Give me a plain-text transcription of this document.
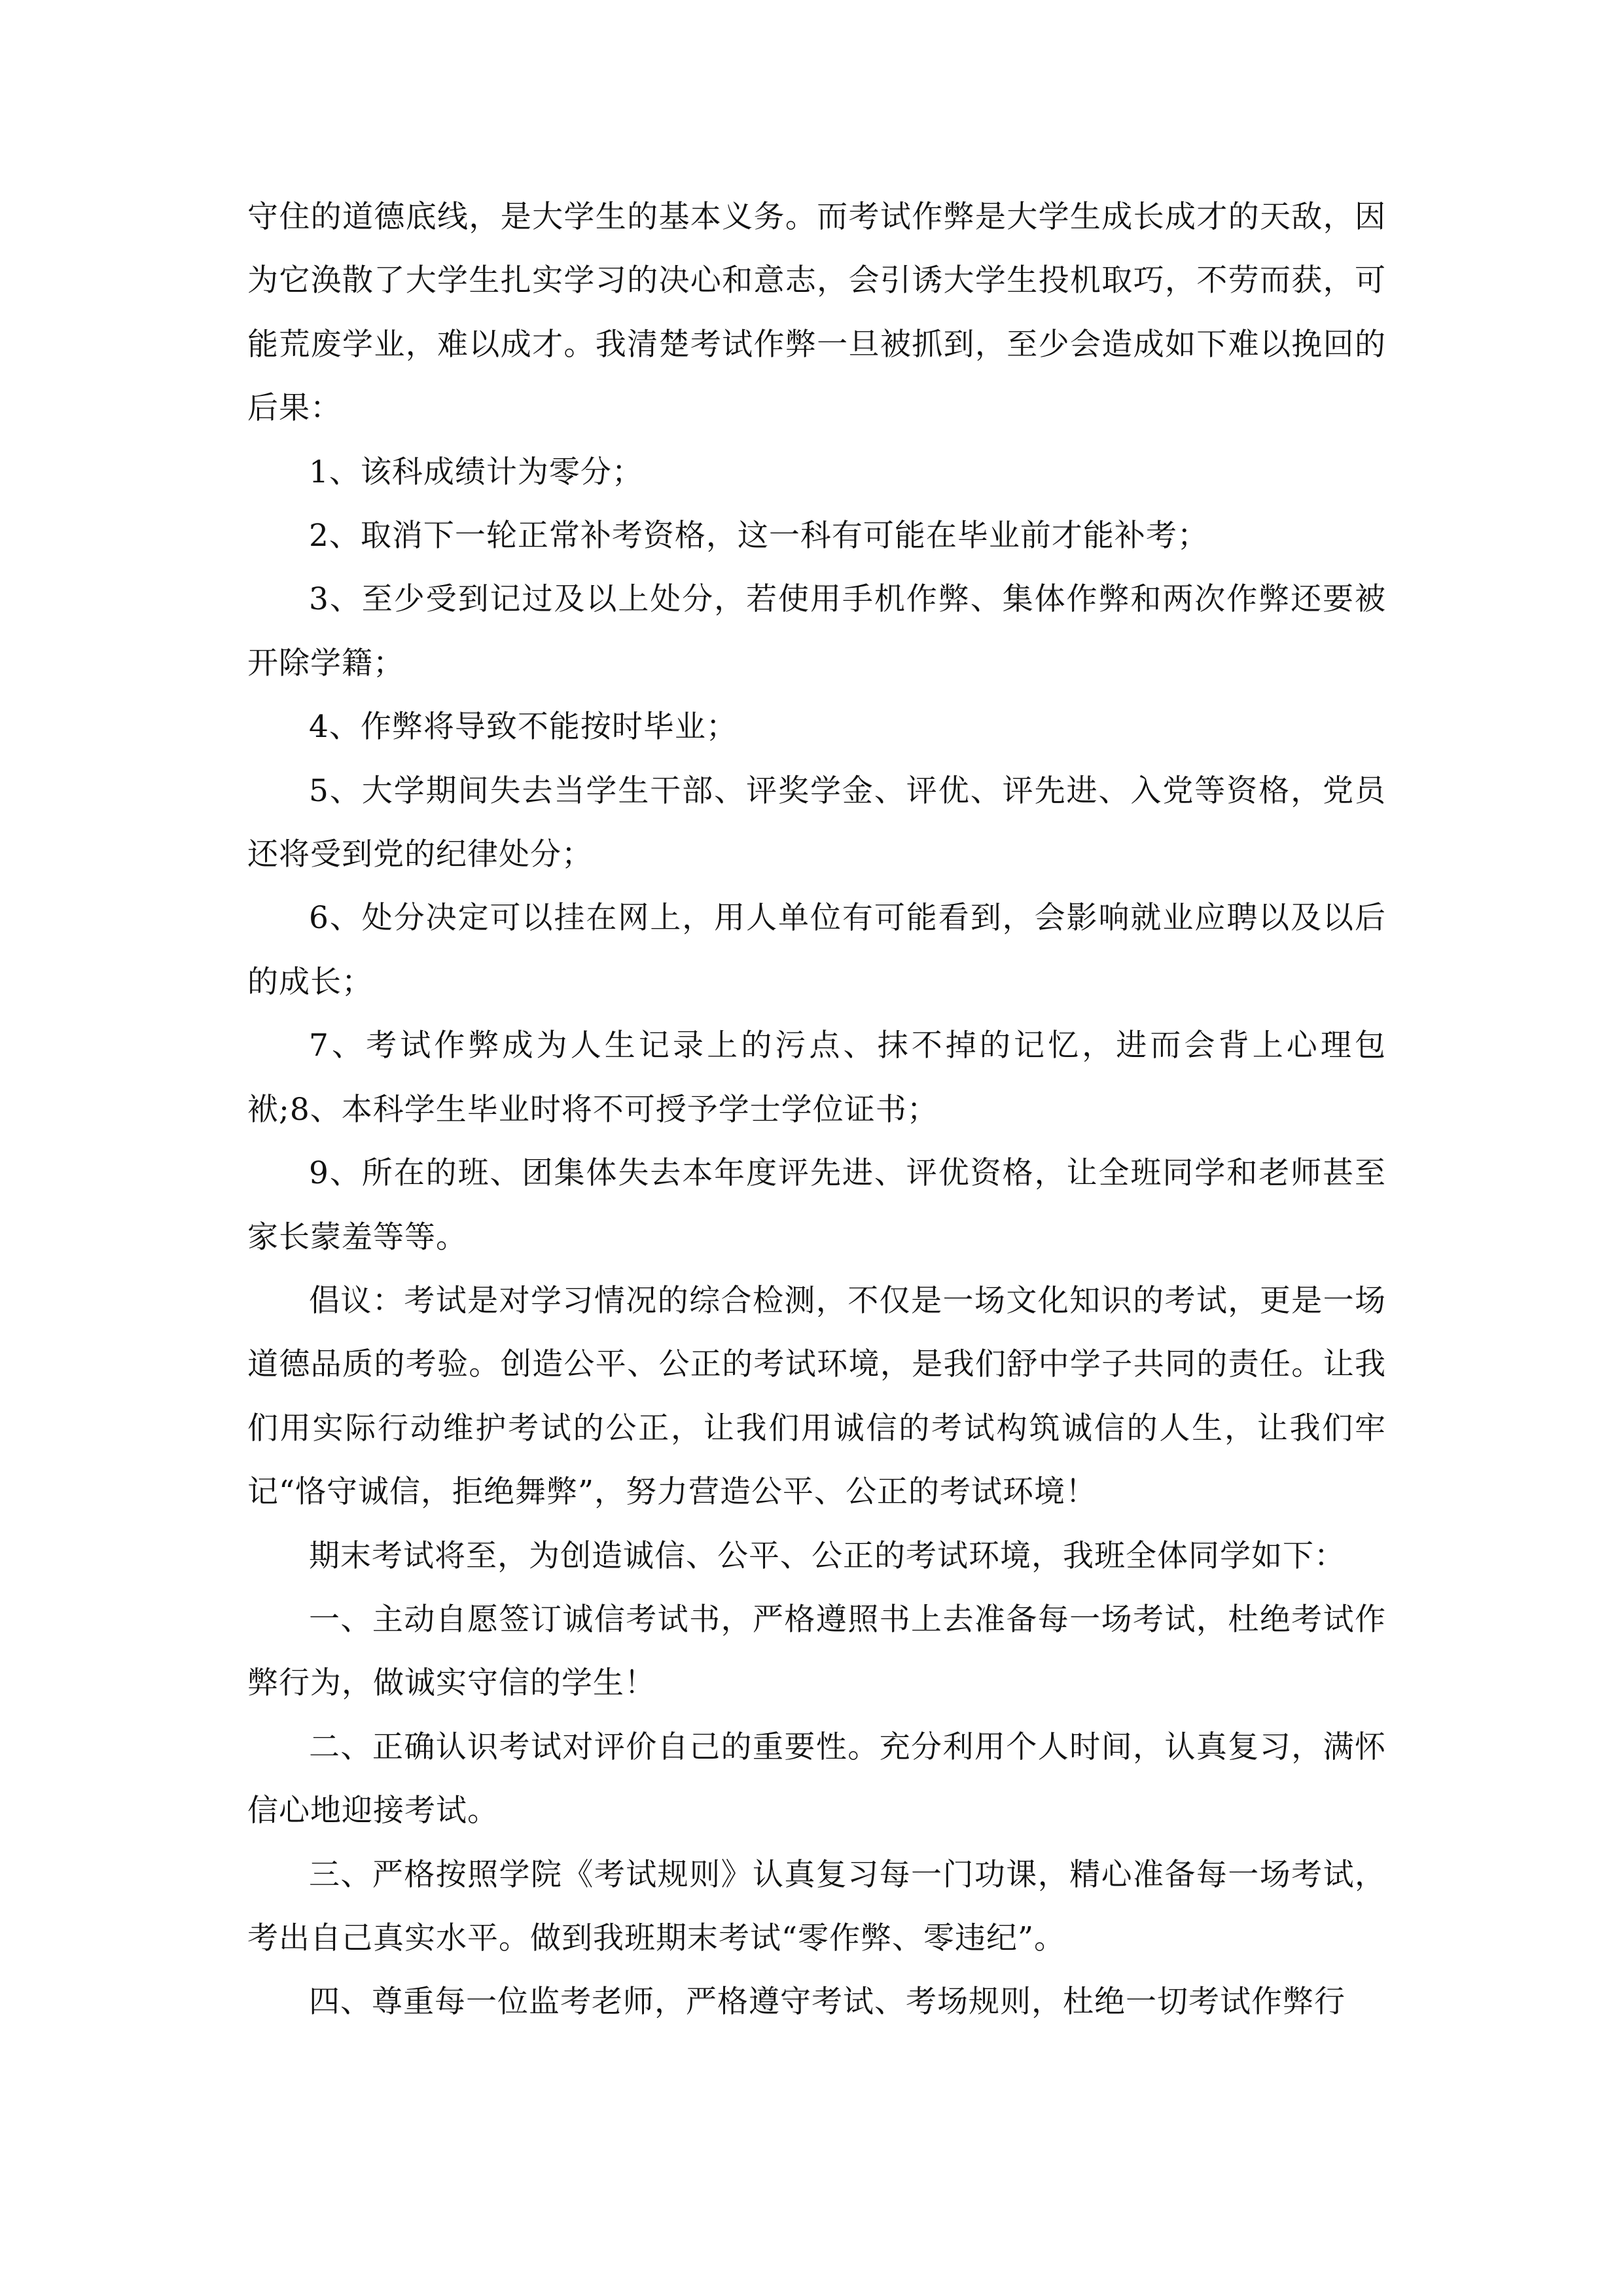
守住的道德底线，是大学生的基本义务。而考试作弊是大学生成长成才的天敌，因为它涣散了大学生扎实学习的决心和意志，会引诱大学生投机取巧，不劳而获，可能荒废学业，难以成才。我清楚考试作弊一旦被抓到，至少会造成如下难以挽回的后果：

1、该科成绩计为零分；

2、取消下一轮正常补考资格，这一科有可能在毕业前才能补考；

3、至少受到记过及以上处分，若使用手机作弊、集体作弊和两次作弊还要被开除学籍；

4、作弊将导致不能按时毕业；

5、大学期间失去当学生干部、评奖学金、评优、评先进、入党等资格，党员还将受到党的纪律处分；

6、处分决定可以挂在网上，用人单位有可能看到，会影响就业应聘以及以后的成长；

7、考试作弊成为人生记录上的污点、抹不掉的记忆，进而会背上心理包袱;8、本科学生毕业时将不可授予学士学位证书；

9、所在的班、团集体失去本年度评先进、评优资格，让全班同学和老师甚至家长蒙羞等等。

倡议：考试是对学习情况的综合检测，不仅是一场文化知识的考试，更是一场道德品质的考验。创造公平、公正的考试环境，是我们舒中学子共同的责任。让我们用实际行动维护考试的公正，让我们用诚信的考试构筑诚信的人生，让我们牢记“恪守诚信，拒绝舞弊”，努力营造公平、公正的考试环境！

期末考试将至，为创造诚信、公平、公正的考试环境，我班全体同学如下：

一、主动自愿签订诚信考试书，严格遵照书上去准备每一场考试，杜绝考试作弊行为，做诚实守信的学生！

二、正确认识考试对评价自己的重要性。充分利用个人时间，认真复习，满怀信心地迎接考试。

三、严格按照学院《考试规则》认真复习每一门功课，精心准备每一场考试，考出自己真实水平。做到我班期末考试“零作弊、零违纪”。

四、尊重每一位监考老师，严格遵守考试、考场规则，杜绝一切考试作弊行
